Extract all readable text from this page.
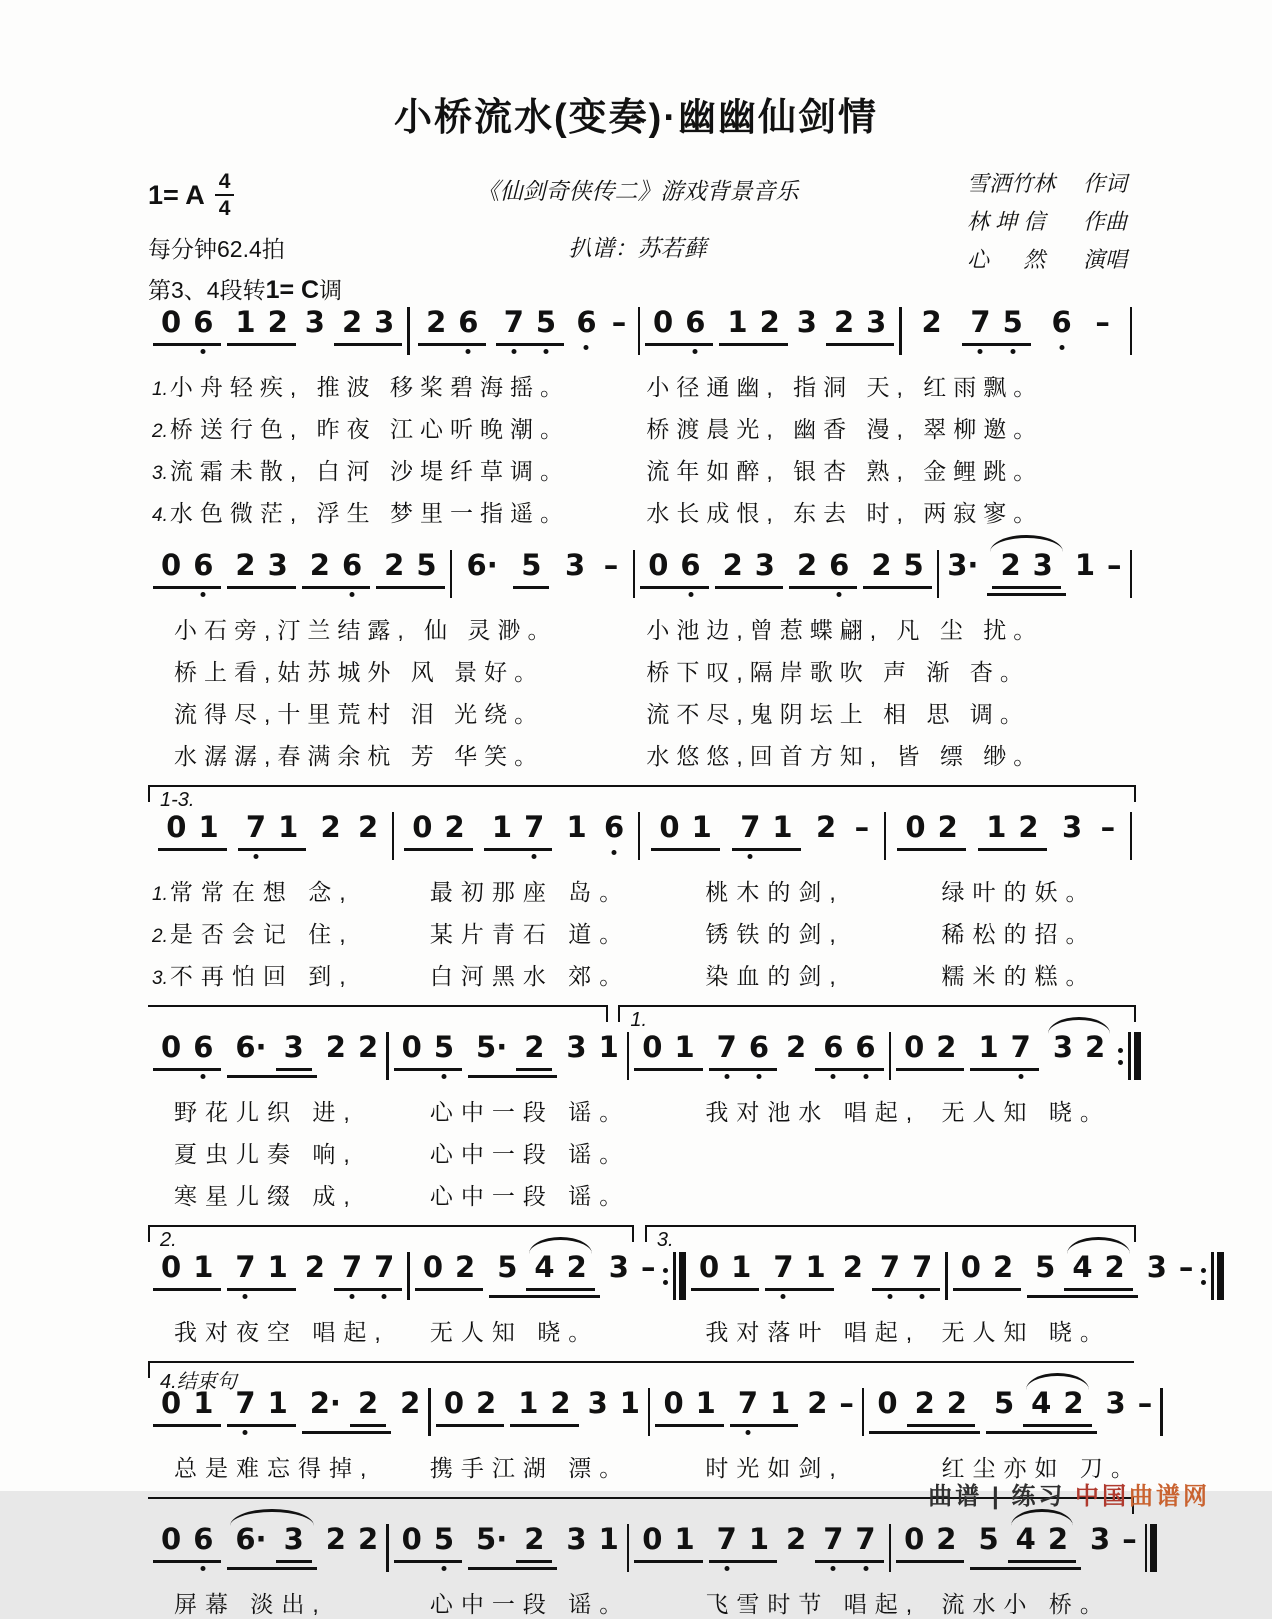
小桥流水(变奏)·幽幽仙剑情
1= A $\frac{4}{4}$
每分钟62.4拍
第3、4段转1= C调
《仙剑奇侠传二》游戏背景音乐
扒谱：苏若藓
雪洒竹林	作词
林 坤 信	作曲
心 　 然	演唱
0 6 1 2 3 2 3 2 6 7 5 6 – 0 6 1 2 3 2 3 2 7 5 6 –
1.小舟轻疾, 推波 移桨碧海摇。	小径通幽, 指洞 天, 红雨飘。
2.桥送行色, 昨夜 江心听晚潮。	桥渡晨光, 幽香 漫, 翠柳邀。
3.流霜未散, 白河 沙堤纤草调。	流年如醉, 银杏 熟, 金鲤跳。
4.水色微茫, 浮生 梦里一指遥。	水长成恨, 东去 时, 两寂寥。
0 6 2 3 2 6 2 5 6· 5 3 – 0 6 2 3 2 6 2 5 3· 2 3 1 –
小石旁,汀兰结露, 仙 灵渺。	小池边,曾惹蝶翩, 凡 尘 扰。
桥上看,姑苏城外 风 景好。	桥下叹,隔岸歌吹 声 渐 杳。
流得尽,十里荒村 泪 光绕。	流不尽,鬼阴坛上 相 思 调。
水潺潺,春满余杭 芳 华笑。	水悠悠,回首方知, 皆 缥 缈。
1-3.
0 1 7 1 2 2 0 2 1 7 1 6 0 1 7 1 2 – 0 2 1 2 3 –
1.常常在想 念,	最初那座 岛。	桃木的剑,	绿叶的妖。
2.是否会记 住,	某片青石 道。	锈铁的剑,	稀松的招。
3.不再怕回 到,	白河黑水 郊。	染血的剑,	糯米的糕。
1.
0 6 6· 3 2 2 0 5 5· 2 3 1 0 1 7 6 2 6 6 0 2 1 7 3 2
野花儿织 进,	心中一段 谣。	我对池水 唱起, 无人知 晓。
夏虫儿奏 响,	心中一段 谣。
寒星儿缀 成,	心中一段 谣。
2.	3.
0 1 7 1 2 7 7 0 2 5 4 2 3 – 0 1 7 1 2 7 7 0 2 5 4 2 3 –
我对夜空 唱起,	无人知 晓。	我对落叶 唱起, 无人知 晓。
4.结束句
0 1 7 1 2· 2 2 0 2 1 2 3 1 0 1 7 1 2 – 0 2 2 5 4 2 3 –
总是难忘得掉,	携手江湖 漂。	时光如剑,	红尘亦如 刀。
0 6 6· 3 2 2 0 5 5· 2 3 1 0 1 7 1 2 7 7 0 2 5 4 2 3 –
屏幕 淡出,	心中一段 谣。	飞雪时节 唱起, 流水小 桥。
曲谱 | 练习 中国曲谱网
